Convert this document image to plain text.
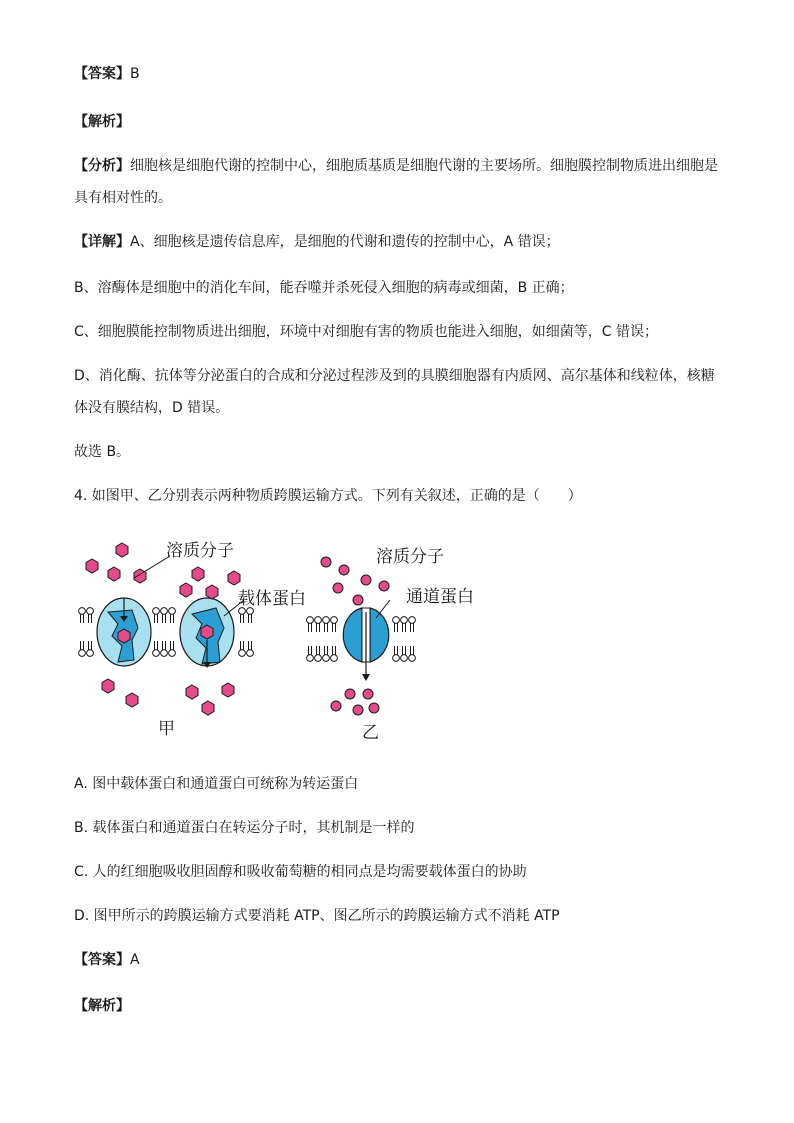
【答案】B
【解析】
【分析】细胞核是细胞代谢的控制中心，细胞质基质是细胞代谢的主要场所。细胞膜控制物质进出细胞是
具有相对性的。
【详解】A、细胞核是遗传信息库，是细胞的代谢和遗传的控制中心，A 错误；
B、溶酶体是细胞中的消化车间，能吞噬并杀死侵入细胞的病毒或细菌，B 正确；
C、细胞膜能控制物质进出细胞，环境中对细胞有害的物质也能进入细胞，如细菌等，C 错误；
D、消化酶、抗体等分泌蛋白的合成和分泌过程涉及到的具膜细胞器有内质网、高尔基体和线粒体，核糖
体没有膜结构，D 错误。
故选 B。
4. 如图甲、乙分别表示两种物质跨膜运输方式。下列有关叙述，正确的是（　　）
溶质分子
载体蛋白
甲
溶质分子
通道蛋白
乙
A. 图中载体蛋白和通道蛋白可统称为转运蛋白
B. 载体蛋白和通道蛋白在转运分子时，其机制是一样的
C. 人的红细胞吸收胆固醇和吸收葡萄糖的相同点是均需要载体蛋白的协助
D. 图甲所示的跨膜运输方式要消耗 ATP、图乙所示的跨膜运输方式不消耗 ATP
【答案】A
【解析】
